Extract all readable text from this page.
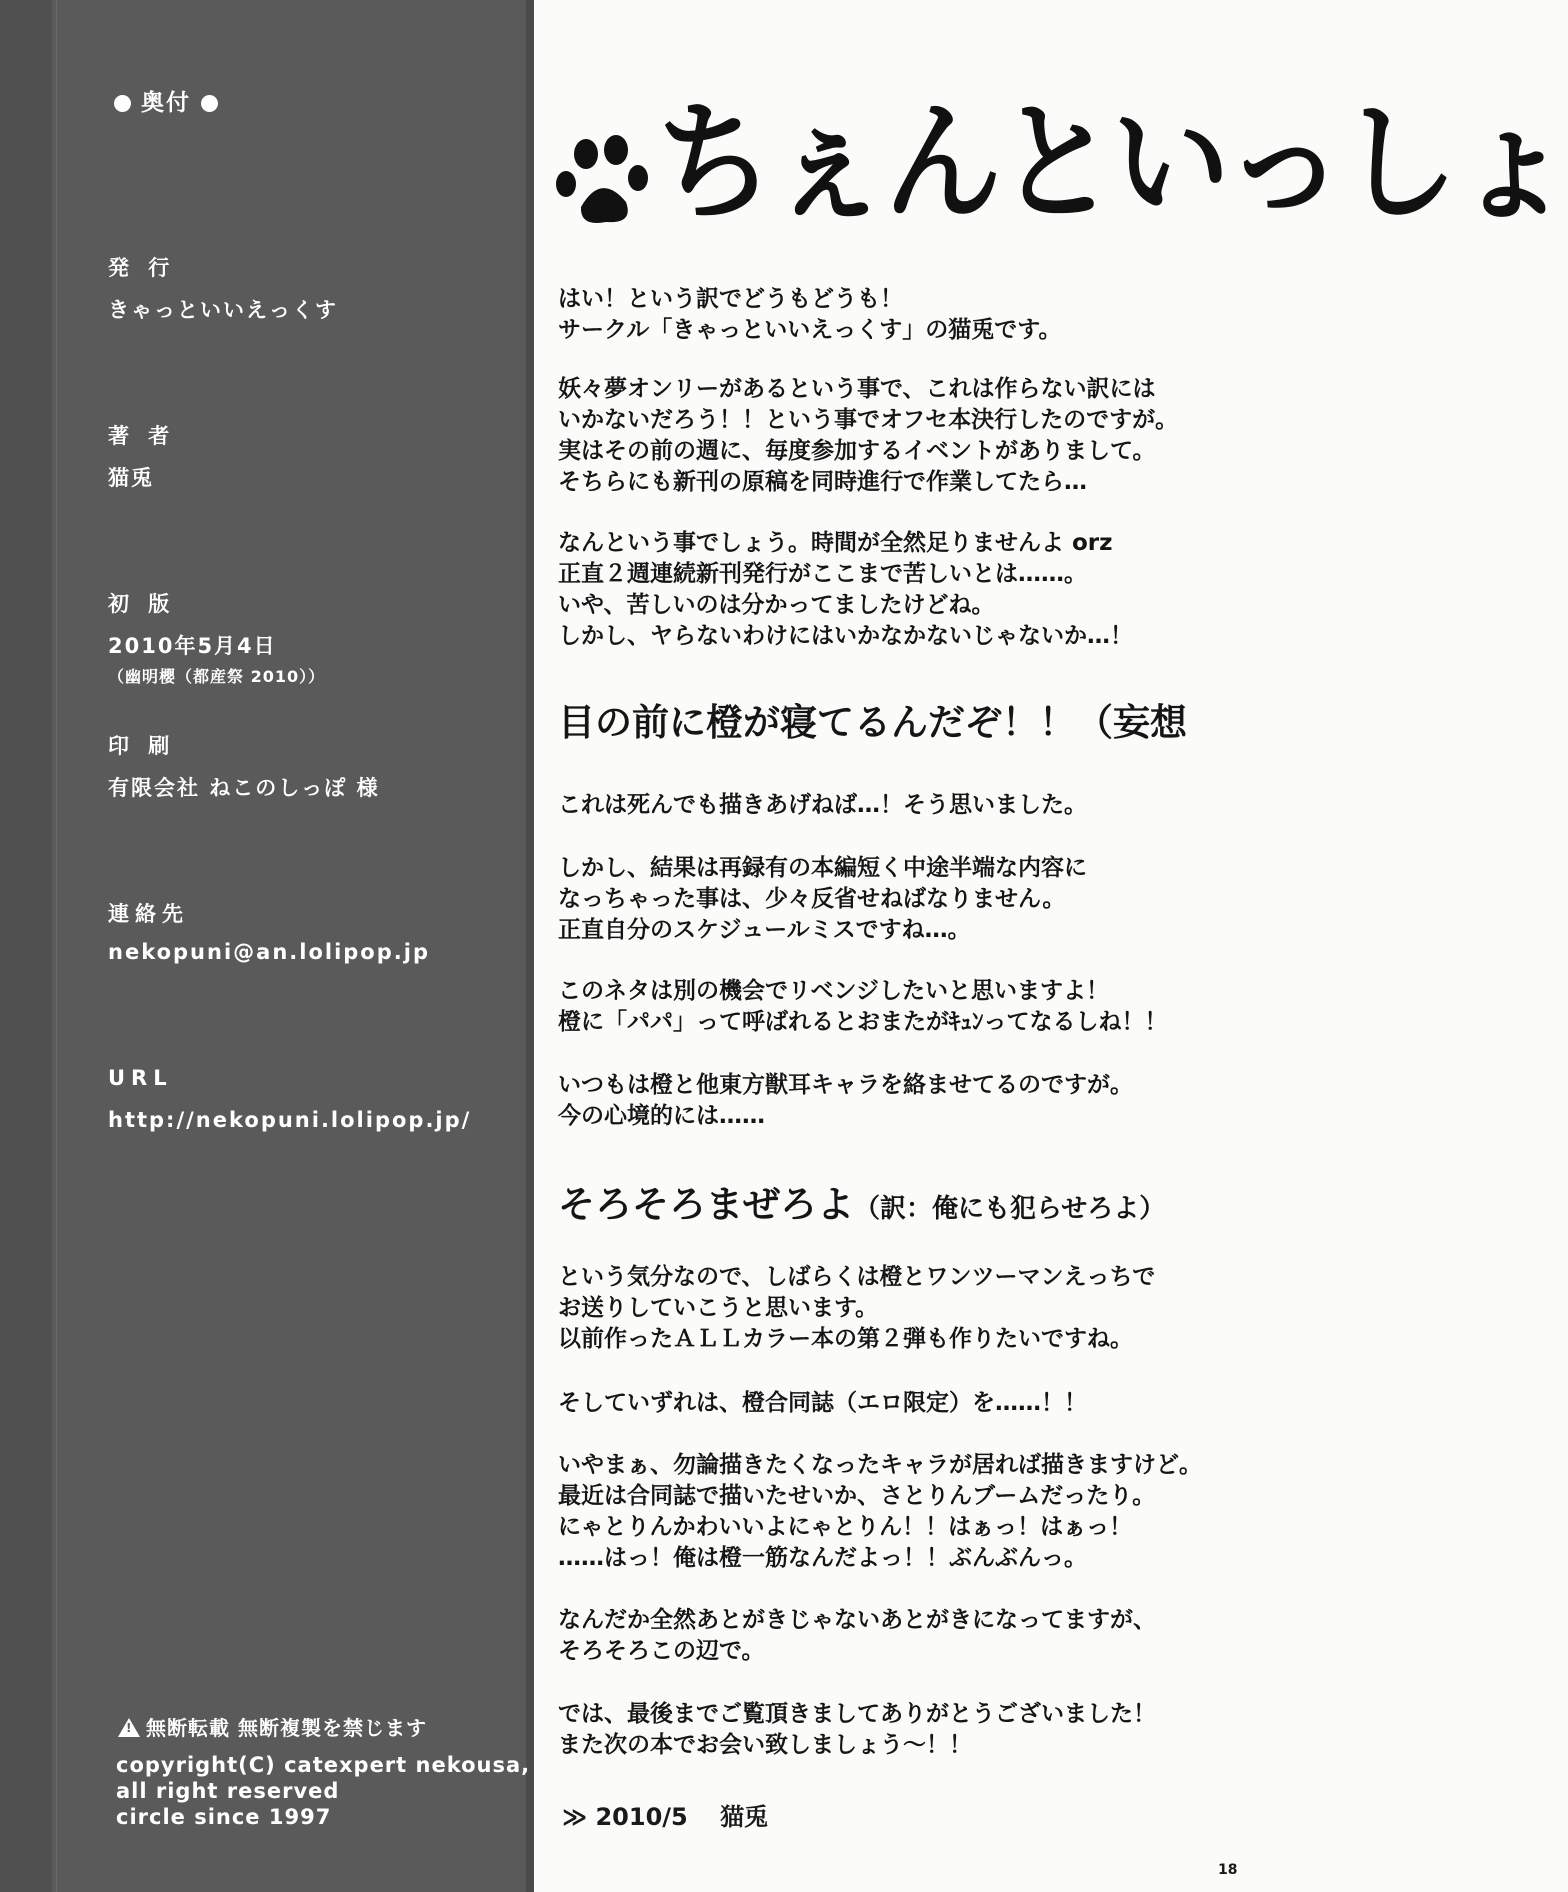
奥付
発 行
きゃっといいえっくす
著 者
猫兎
初 版
2010年5月4日
（幽明櫻（都産祭 2010））
印 刷
有限会社 ねこのしっぽ 様
連絡先
nekopuni@an.lolipop.jp
URL
http://nekopuni.lolipop.jp/
!無断転載 無断複製を禁じます
copyright(C) catexpert nekousa,
all right reserved
circle since 1997
ちぇんといっしょ
はい！という訳でどうもどうも！
サークル「きゃっといいえっくす」の猫兎です。
妖々夢オンリーがあるという事で、これは作らない訳には
いかないだろう！！という事でオフセ本決行したのですが。
実はその前の週に、毎度参加するイベントがありまして。
そちらにも新刊の原稿を同時進行で作業してたら…
なんという事でしょう。時間が全然足りませんよ orz
正直２週連続新刊発行がここまで苦しいとは……。
いや、苦しいのは分かってましたけどね。
しかし、ヤらないわけにはいかなかないじゃないか…！
目の前に橙が寝てるんだぞ！！（妄想
これは死んでも描きあげねば…！そう思いました。
しかし、結果は再録有の本編短く中途半端な内容に
なっちゃった事は、少々反省せねばなりません。
正直自分のスケジュールミスですね…。
このネタは別の機会でリベンジしたいと思いますよ！
橙に「パパ」って呼ばれるとおまたがｷｭﾝってなるしね！！
いつもは橙と他東方獣耳キャラを絡ませてるのですが。
今の心境的には……
そろそろまぜろよ（訳：俺にも犯らせろよ）
という気分なので、しばらくは橙とワンツーマンえっちで
お送りしていこうと思います。
以前作ったＡＬＬカラー本の第２弾も作りたいですね。
そしていずれは、橙合同誌（エロ限定）を……！！
いやまぁ、勿論描きたくなったキャラが居れば描きますけど。
最近は合同誌で描いたせいか、さとりんブームだったり。
にゃとりんかわいいよにゃとりん！！はぁっ！はぁっ！
……はっ！俺は橙一筋なんだよっ！！ぶんぶんっ。
なんだか全然あとがきじゃないあとがきになってますが、
そろそろこの辺で。
では、最後までご覧頂きましてありがとうございました！
また次の本でお会い致しましょう～！！
≫ 2010/5　 猫兎
18
